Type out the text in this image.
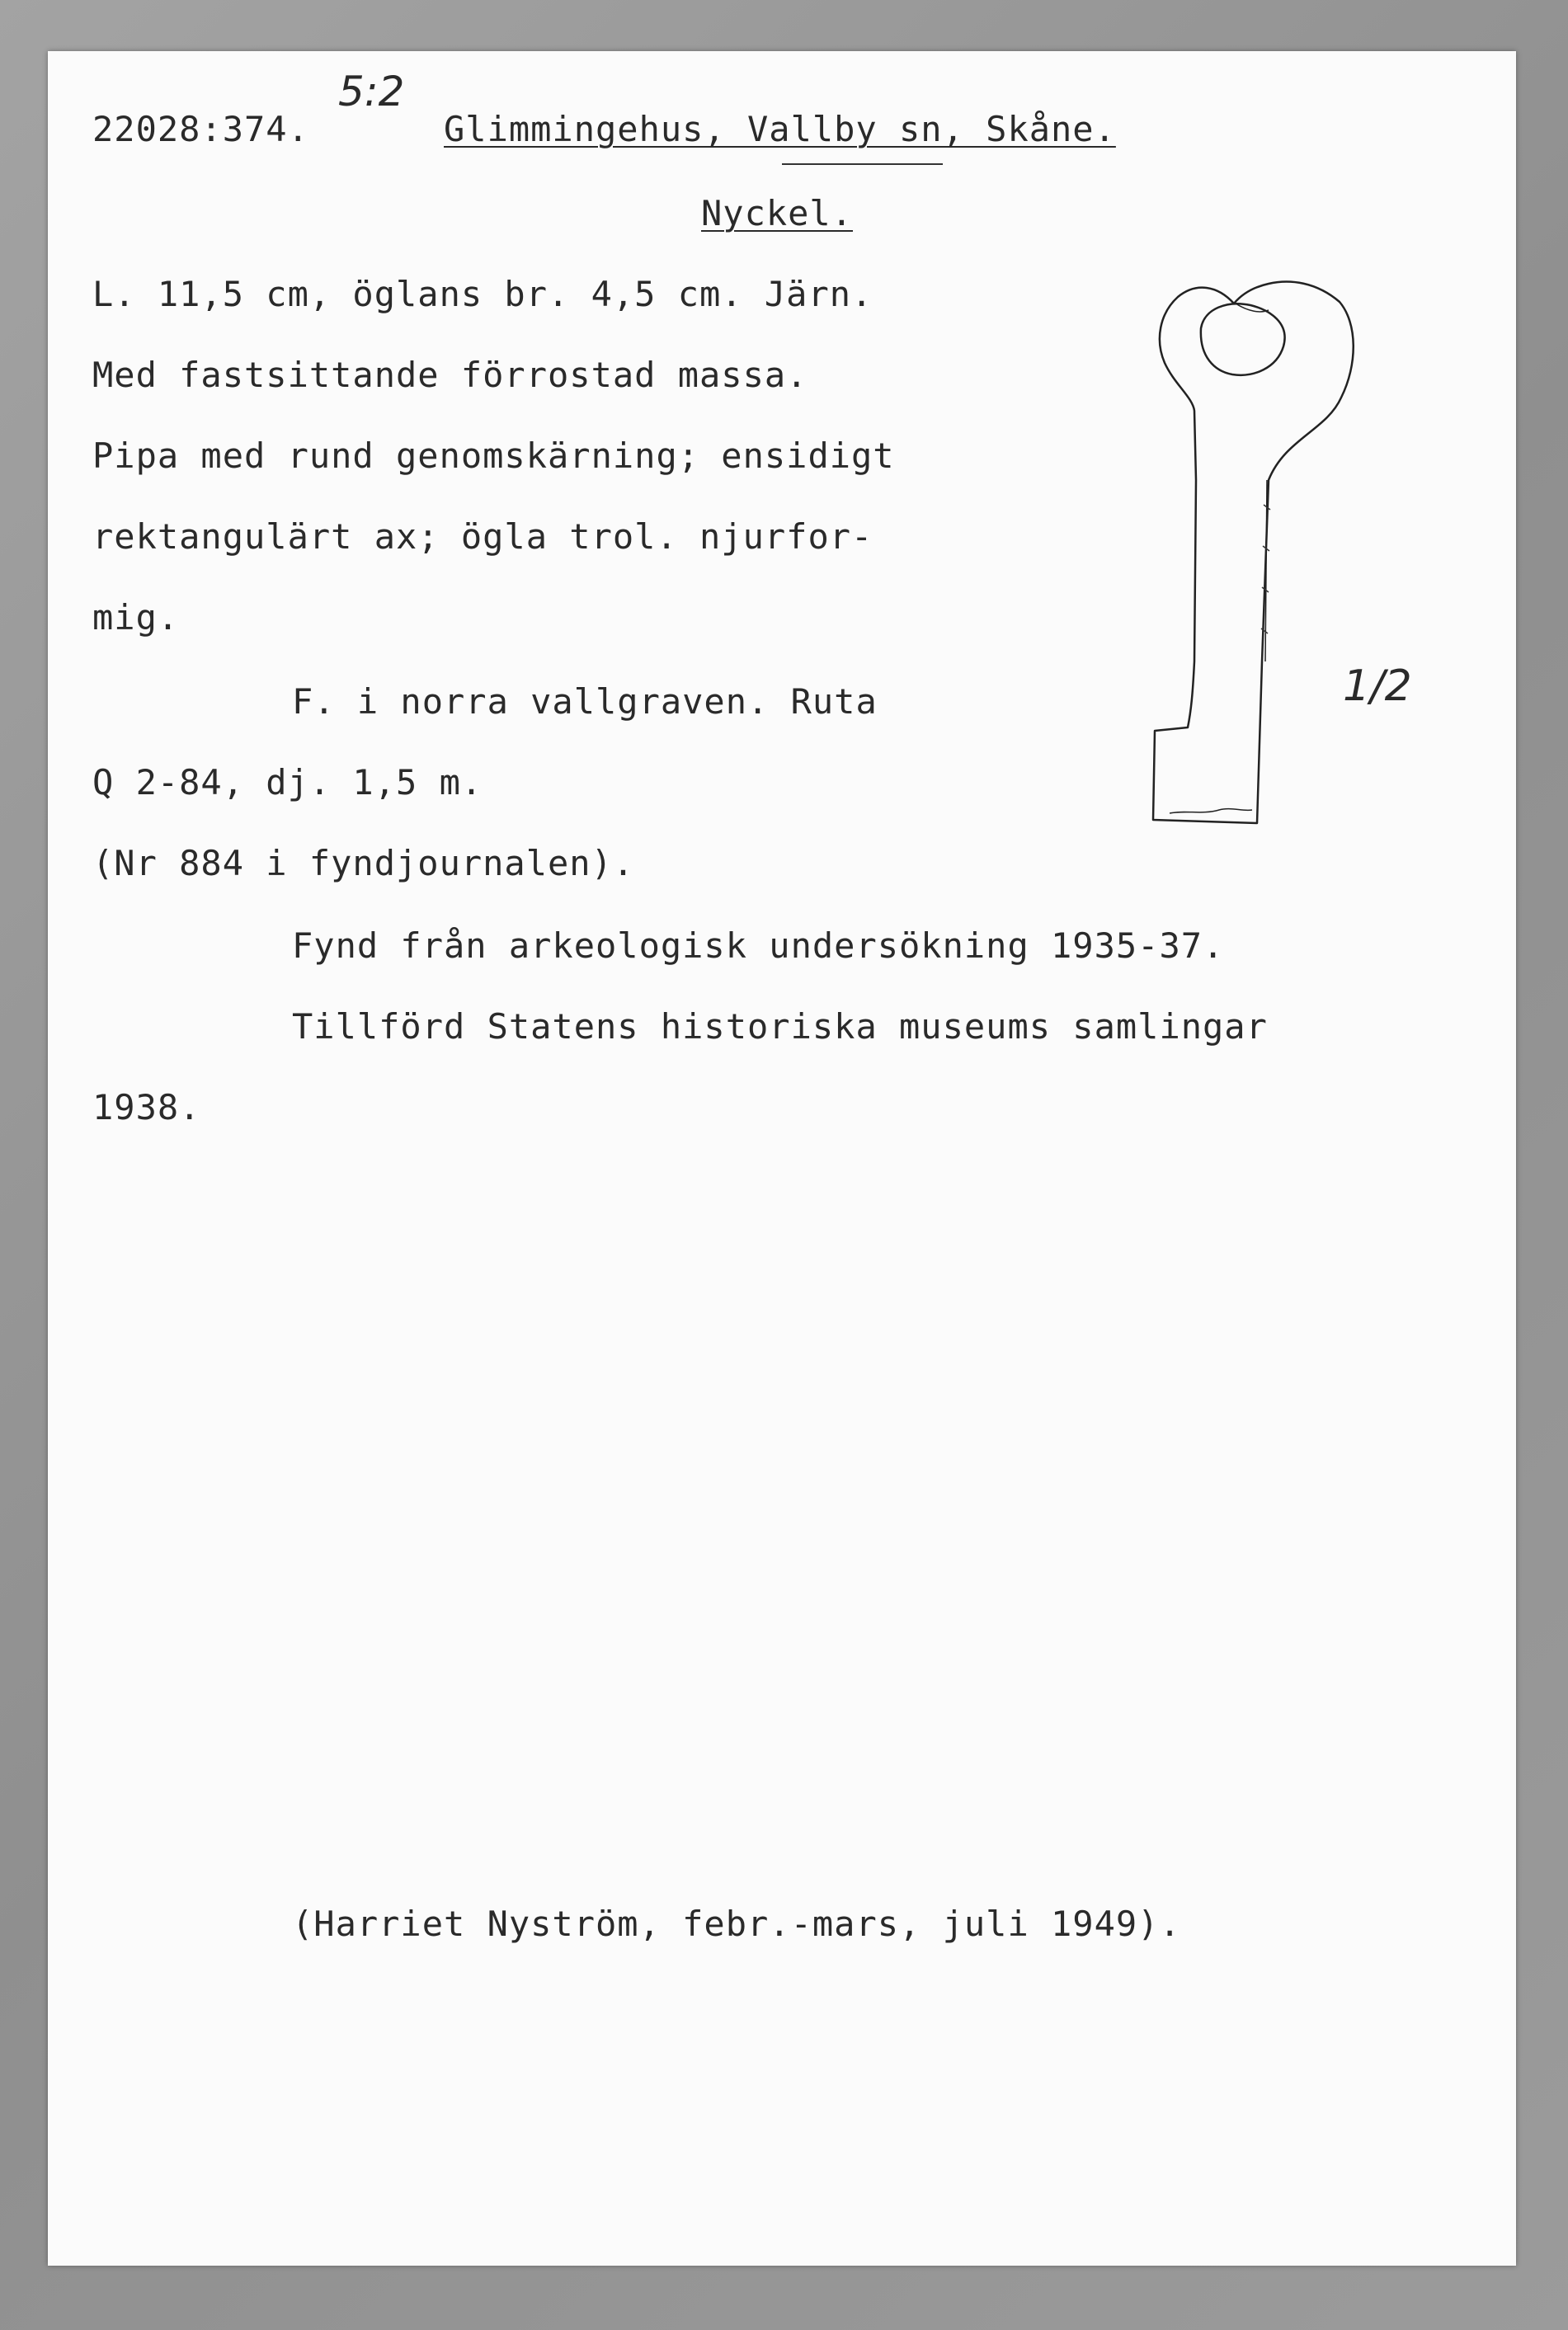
5:2
22028:374.	Glimmingehus, Vallby sn, Skåne.
Nyckel.
L. 11,5 cm, öglans br. 4,5 cm. Järn.
Med fastsittande förrostad massa.
Pipa med rund genomskärning; ensidigt
rektangulärt ax; ögla trol. njurfor-
mig.
F. i norra vallgraven. Ruta
Q 2-84, dj. 1,5 m.
(Nr 884 i fyndjournalen).
Fynd från arkeologisk undersökning 1935-37.
Tillförd Statens historiska museums samlingar
1938.
(Harriet Nyström, febr.-mars, juli 1949).
1/2
